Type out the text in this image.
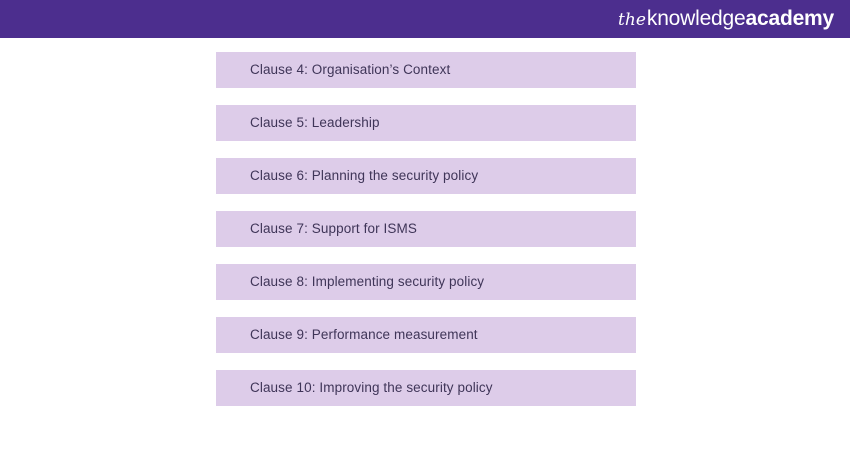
the knowledge academy
Clause 4: Organisation’s Context
Clause 5: Leadership
Clause 6: Planning the security policy
Clause 7: Support for ISMS
Clause 8: Implementing security policy
Clause 9: Performance measurement
Clause 10: Improving the security policy
